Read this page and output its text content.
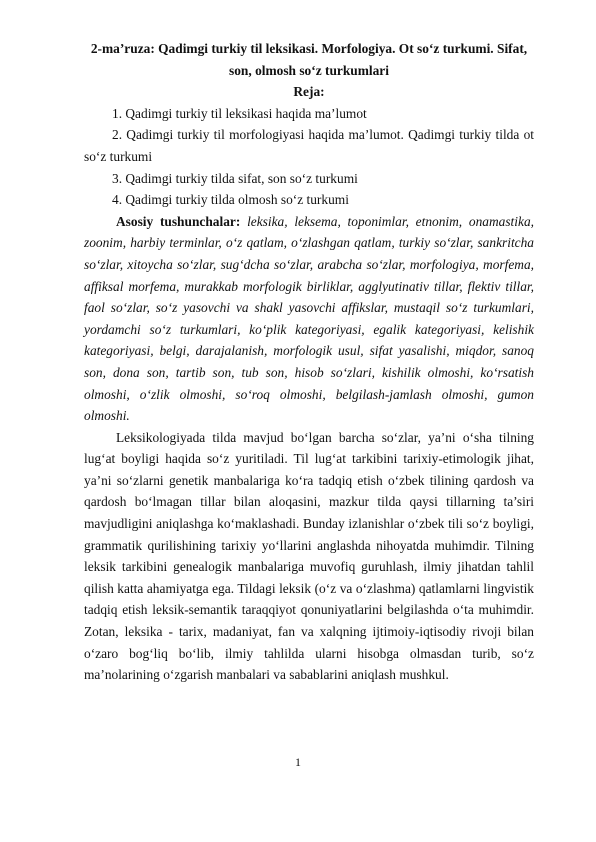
2-ma’ruza: Qadimgi turkiy til leksikasi. Morfologiya. Ot so‘z turkumi. Sifat, son, olmosh so‘z turkumlari

Reja:

1. Qadimgi turkiy til leksikasi haqida ma’lumot

2. Qadimgi turkiy til morfologiyasi haqida ma’lumot. Qadimgi turkiy tilda ot so‘z turkumi

3. Qadimgi turkiy tilda sifat, son so‘z turkumi

4. Qadimgi turkiy tilda olmosh so‘z turkumi

Asosiy tushunchalar: leksika, leksema, toponimlar, etnonim, onamastika, zoonim, harbiy terminlar, o‘z qatlam, o‘zlashgan qatlam, turkiy so‘zlar, sankritcha so‘zlar, xitoycha so‘zlar, sug‘dcha so‘zlar, arabcha so‘zlar, morfologiya, morfema, affiksal morfema, murakkab morfologik birliklar, agglyutinativ tillar, flektiv tillar, faol so‘zlar, so‘z yasovchi va shakl yasovchi affikslar, mustaqil so‘z turkumlari, yordamchi so‘z turkumlari, ko‘plik kategoriyasi, egalik kategoriyasi, kelishik kategoriyasi, belgi, darajalanish, morfologik usul, sifat yasalishi, miqdor, sanoq son, dona son, tartib son, tub son, hisob so‘zlari, kishilik olmoshi, ko‘rsatish olmoshi, o‘zlik olmoshi, so‘roq olmoshi, belgilash-jamlash olmoshi, gumon olmoshi.

Leksikologiyada tilda mavjud bo‘lgan barcha so‘zlar, ya’ni o‘sha tilning lug‘at boyligi haqida so‘z yuritiladi. Til lug‘at tarkibini tarixiy-etimologik jihat, ya’ni so‘zlarni genetik manbalariga ko‘ra tadqiq etish o‘zbek tilining qardosh va qardosh bo‘lmagan tillar bilan aloqasini, mazkur tilda qaysi tillarning ta’siri mavjudligini aniqlashga ko‘maklashadi. Bunday izlanishlar o‘zbek tili so‘z boyligi, grammatik qurilishining tarixiy yo‘llarini anglashda nihoyatda muhimdir. Tilning leksik tarkibini genealogik manbalariga muvofiq guruhlash, ilmiy jihatdan tahlil qilish katta ahamiyatga ega. Tildagi leksik (o‘z va o‘zlashma) qatlamlarni lingvistik tadqiq etish leksik-semantik taraqqiyot qonuniyatlarini belgilashda o‘ta muhimdir. Zotan, leksika - tarix, madaniyat, fan va xalqning ijtimoiy-iqtisodiy rivoji bilan o‘zaro bog‘liq bo‘lib, ilmiy tahlilda ularni hisobga olmasdan turib, so‘z ma’nolarining o‘zgarish manbalari va sabablarini aniqlash mushkul.

1
